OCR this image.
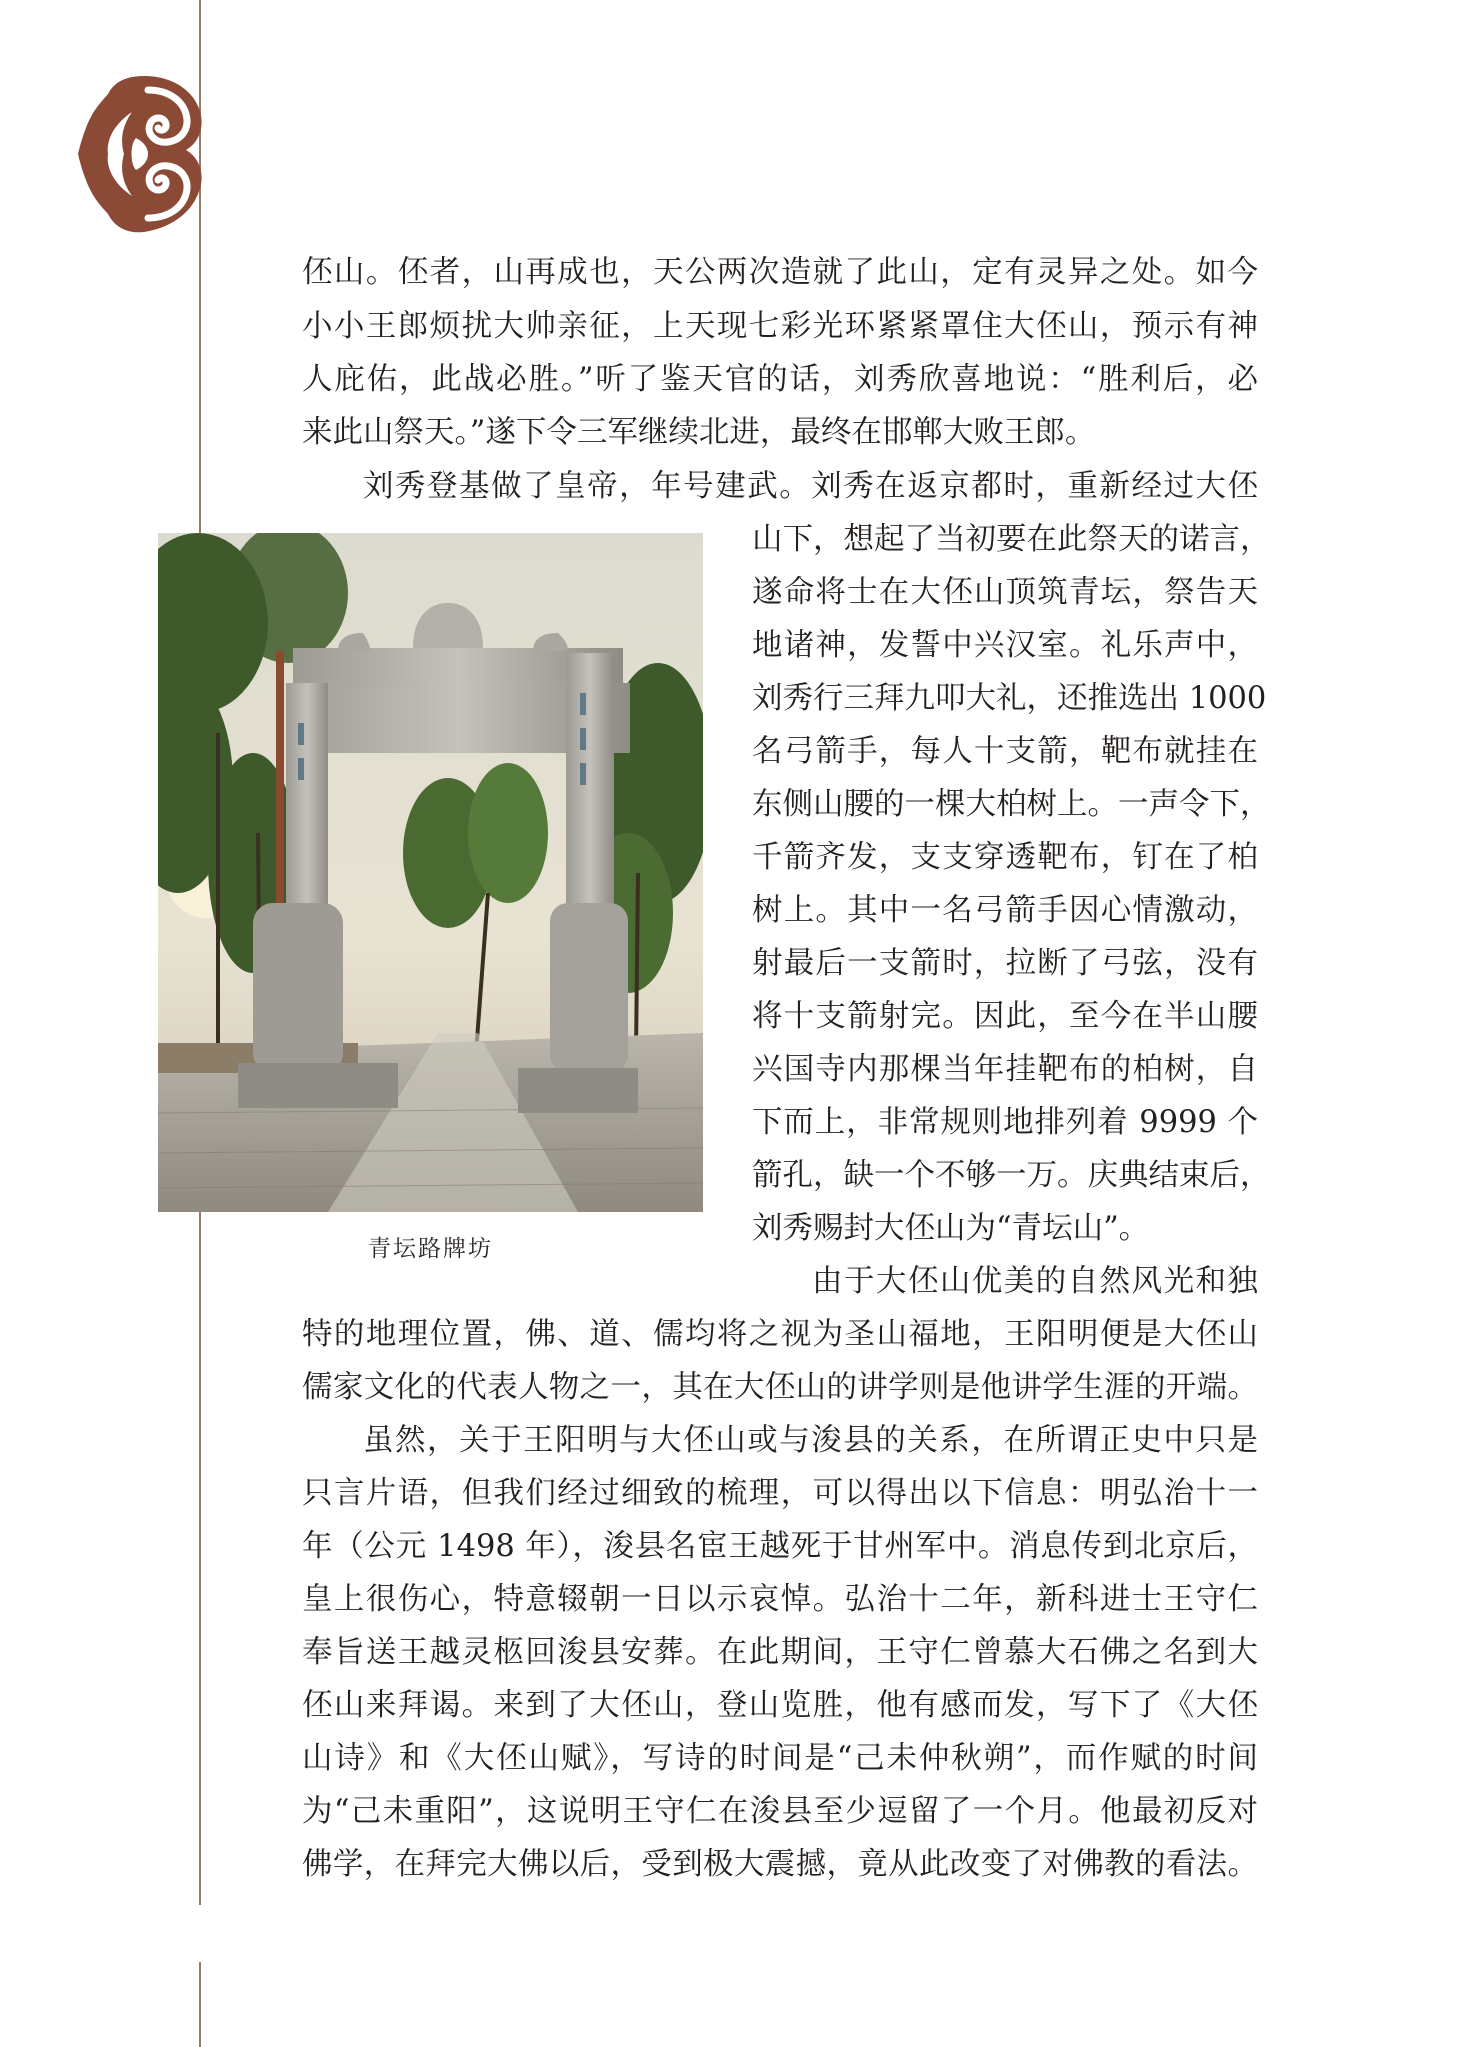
伾山。伾者，山再成也，天公两次造就了此山，定有灵异之处。如今
小小王郎烦扰大帅亲征，上天现七彩光环紧紧罩住大伾山，预示有神
人庇佑，此战必胜。”听了鉴天官的话，刘秀欣喜地说：“胜利后，必
来此山祭天。”遂下令三军继续北进，最终在邯郸大败王郎。
刘秀登基做了皇帝，年号建武。刘秀在返京都时，重新经过大伾
山下，想起了当初要在此祭天的诺言，
遂命将士在大伾山顶筑青坛，祭告天
地诸神，发誓中兴汉室。礼乐声中，
刘秀行三拜九叩大礼，还推选出 1000
名弓箭手，每人十支箭，靶布就挂在
东侧山腰的一棵大柏树上。一声令下，
千箭齐发，支支穿透靶布，钉在了柏
树上。其中一名弓箭手因心情激动，
射最后一支箭时，拉断了弓弦，没有
将十支箭射完。因此，至今在半山腰
兴国寺内那棵当年挂靶布的柏树，自
下而上，非常规则地排列着 9999 个
箭孔，缺一个不够一万。庆典结束后，
刘秀赐封大伾山为“青坛山”。
青坛路牌坊
由于大伾山优美的自然风光和独
特的地理位置，佛、道、儒均将之视为圣山福地，王阳明便是大伾山
儒家文化的代表人物之一，其在大伾山的讲学则是他讲学生涯的开端。
虽然，关于王阳明与大伾山或与浚县的关系，在所谓正史中只是
只言片语，但我们经过细致的梳理，可以得出以下信息：明弘治十一
年（公元 1498 年），浚县名宦王越死于甘州军中。消息传到北京后，
皇上很伤心，特意辍朝一日以示哀悼。弘治十二年，新科进士王守仁
奉旨送王越灵柩回浚县安葬。在此期间，王守仁曾慕大石佛之名到大
伾山来拜谒。来到了大伾山，登山览胜，他有感而发，写下了《大伾
山诗》和《大伾山赋》，写诗的时间是“己未仲秋朔”，而作赋的时间
为“己未重阳”，这说明王守仁在浚县至少逗留了一个月。他最初反对
佛学，在拜完大佛以后，受到极大震撼，竟从此改变了对佛教的看法。
